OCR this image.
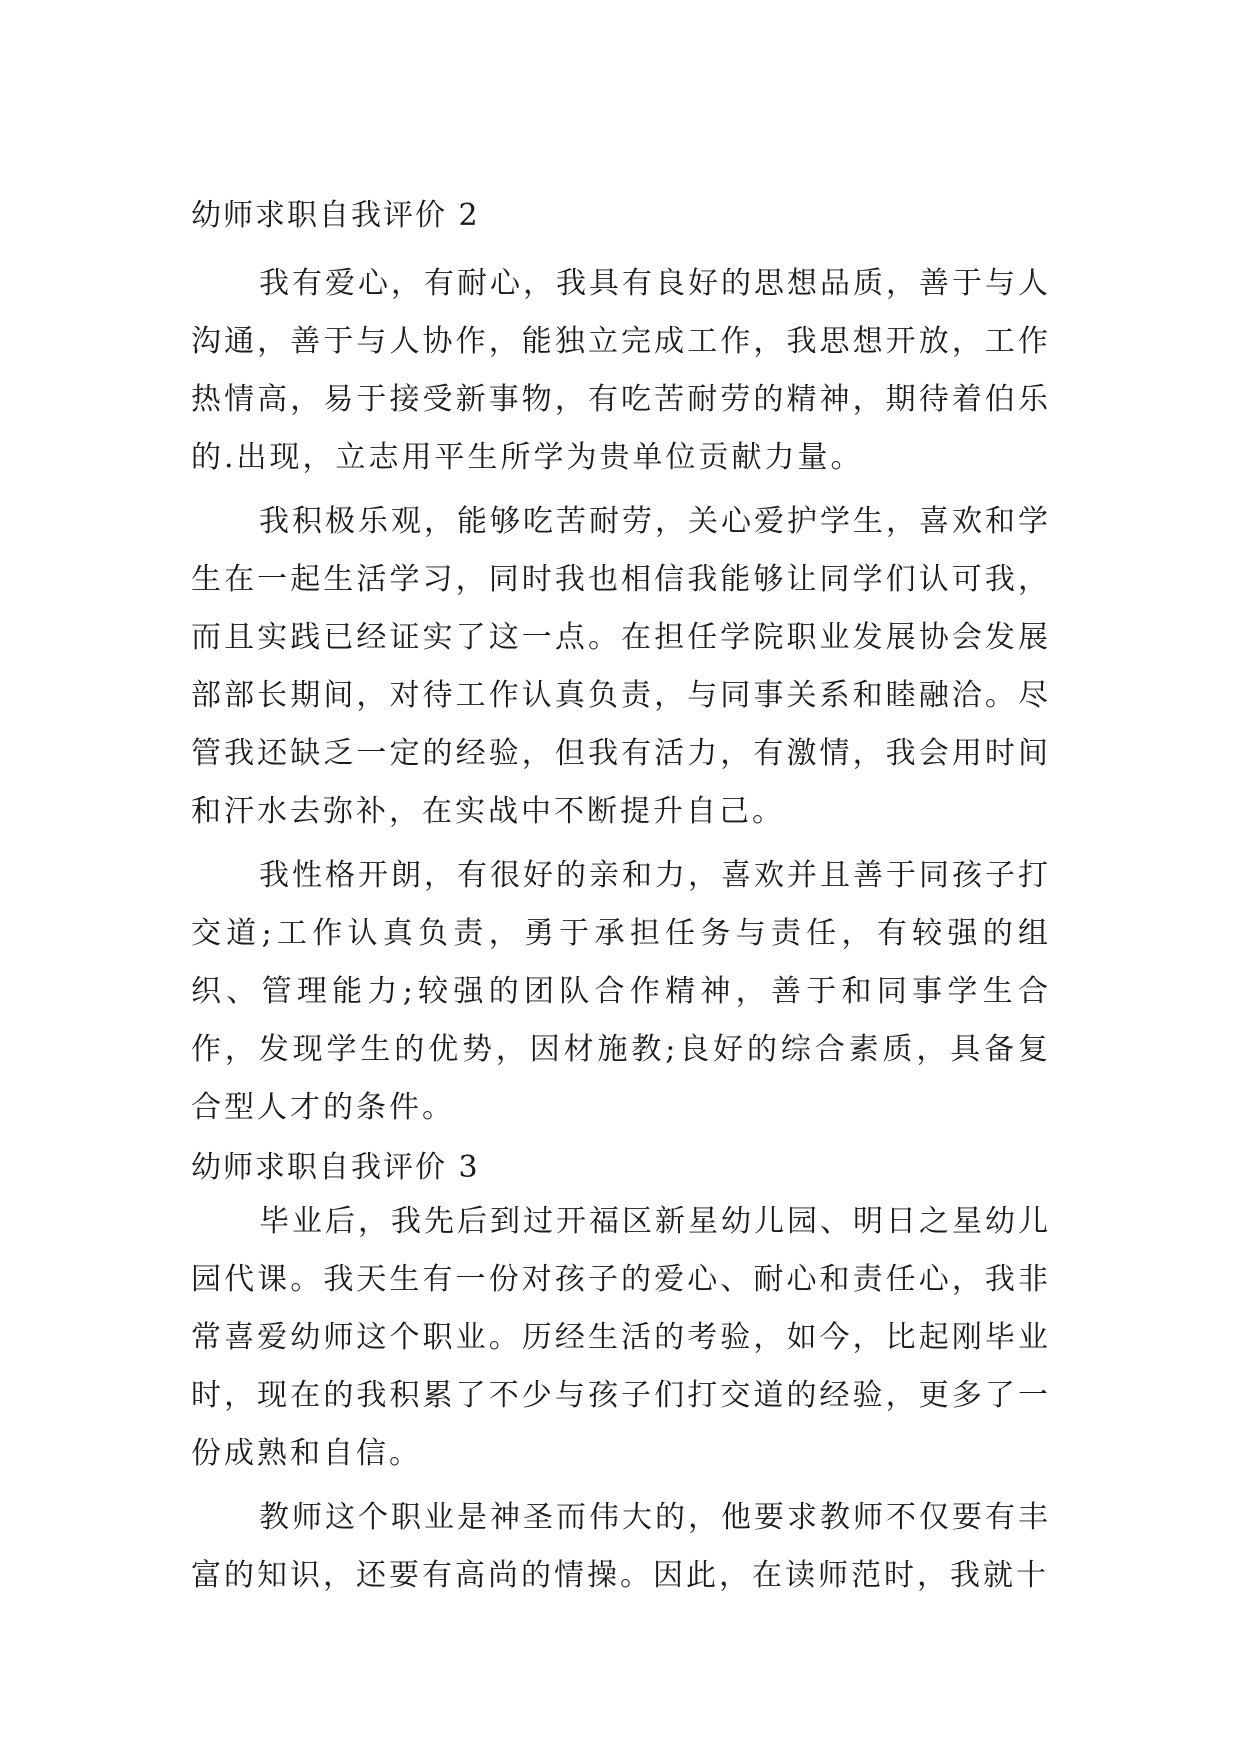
幼师求职自我评价 2

我有爱心，有耐心，我具有良好的思想品质，善于与人沟通，善于与人协作，能独立完成工作，我思想开放，工作热情高，易于接受新事物，有吃苦耐劳的精神，期待着伯乐的.出现，立志用平生所学为贵单位贡献力量。

我积极乐观，能够吃苦耐劳，关心爱护学生，喜欢和学生在一起生活学习，同时我也相信我能够让同学们认可我，而且实践已经证实了这一点。在担任学院职业发展协会发展部部长期间，对待工作认真负责，与同事关系和睦融洽。尽管我还缺乏一定的经验，但我有活力，有激情，我会用时间和汗水去弥补，在实战中不断提升自己。

我性格开朗，有很好的亲和力，喜欢并且善于同孩子打交道;工作认真负责，勇于承担任务与责任，有较强的组织、管理能力;较强的团队合作精神，善于和同事学生合作，发现学生的优势，因材施教;良好的综合素质，具备复合型人才的条件。

幼师求职自我评价 3

毕业后，我先后到过开福区新星幼儿园、明日之星幼儿园代课。我天生有一份对孩子的爱心、耐心和责任心，我非常喜爱幼师这个职业。历经生活的考验，如今，比起刚毕业时，现在的我积累了不少与孩子们打交道的经验，更多了一份成熟和自信。

教师这个职业是神圣而伟大的，他要求教师不仅要有丰富的知识，还要有高尚的情操。因此，在读师范时，我就十
